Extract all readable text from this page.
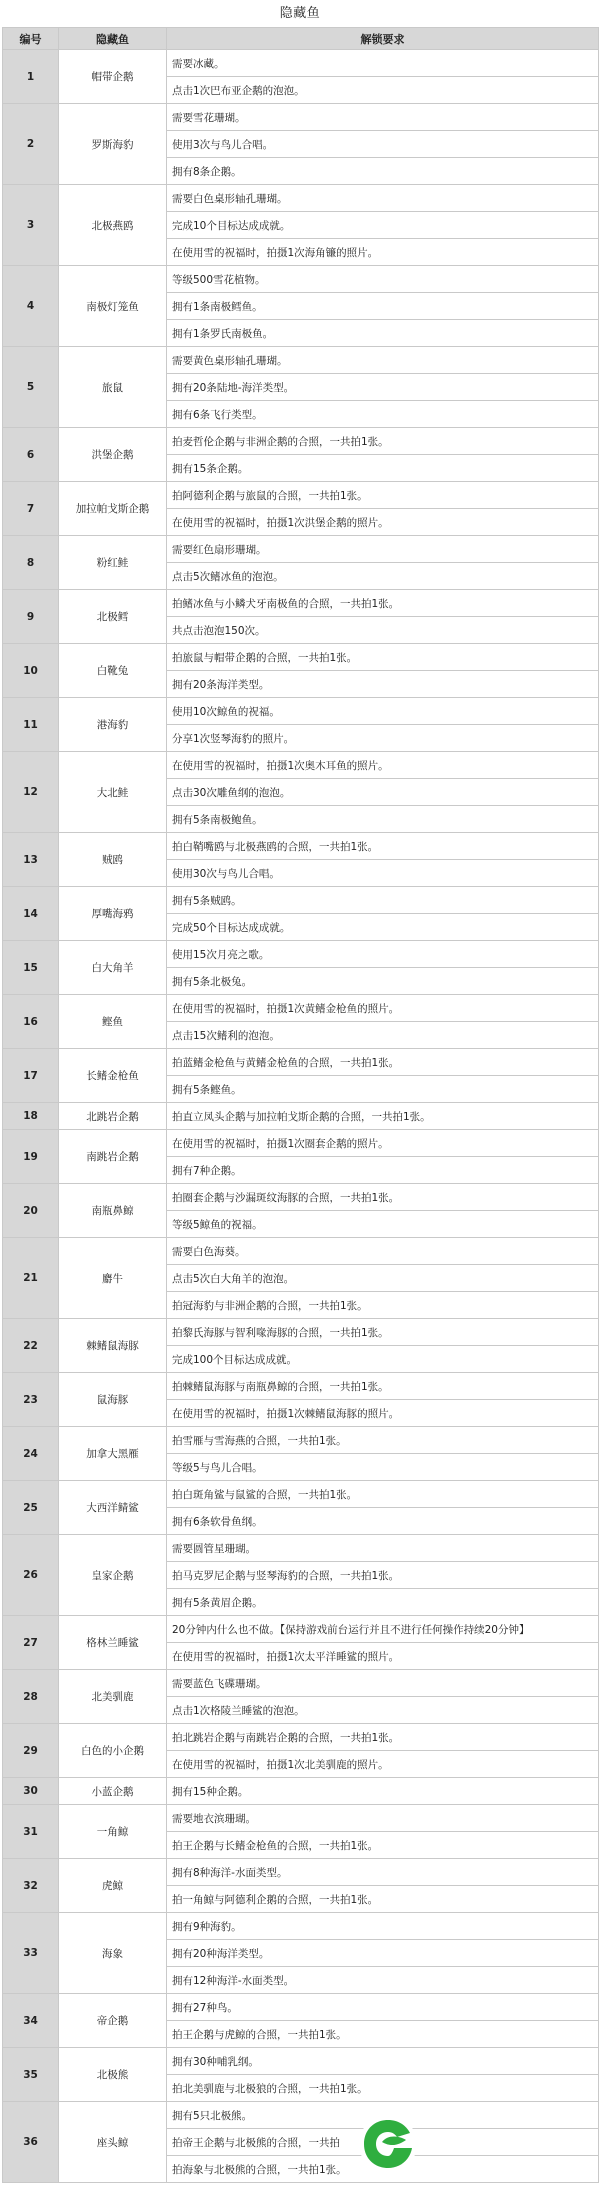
隐藏鱼
编号	隐藏鱼	解锁要求
1	帽带企鹅	需要冰藏。
		点击1次巴布亚企鹅的泡泡。
2	罗斯海豹	需要雪花珊瑚。
		使用3次与鸟儿合唱。
		拥有8条企鹅。
3	北极燕鸥	需要白色桌形轴孔珊瑚。
		完成10个目标达成成就。
		在使用雪的祝福时，拍摄1次海角镰的照片。
4	南极灯笼鱼	等级500雪花植物。
		拥有1条南极鳕鱼。
		拥有1条罗氏南极鱼。
5	旅鼠	需要黄色桌形轴孔珊瑚。
		拥有20条陆地-海洋类型。
		拥有6条飞行类型。
6	洪堡企鹅	拍麦哲伦企鹅与非洲企鹅的合照，一共拍1张。
		拥有15条企鹅。
7	加拉帕戈斯企鹅	拍阿德利企鹅与旅鼠的合照，一共拍1张。
		在使用雪的祝福时，拍摄1次洪堡企鹅的照片。
8	粉红鲑	需要红色扇形珊瑚。
		点击5次鳍冰鱼的泡泡。
9	北极鳕	拍鳍冰鱼与小鳞犬牙南极鱼的合照，一共拍1张。
		共点击泡泡150次。
10	白靴兔	拍旅鼠与帽带企鹅的合照，一共拍1张。
		拥有20条海洋类型。
11	港海豹	使用10次鲸鱼的祝福。
		分享1次竖琴海豹的照片。
12	大北鲑	在使用雪的祝福时，拍摄1次奥木耳鱼的照片。
		点击30次雕鱼纲的泡泡。
		拥有5条南极鲍鱼。
13	贼鸥	拍白鞘嘴鸥与北极燕鸥的合照，一共拍1张。
		使用30次与鸟儿合唱。
14	厚嘴海鸦	拥有5条贼鸥。
		完成50个目标达成成就。
15	白大角羊	使用15次月亮之歌。
		拥有5条北极兔。
16	鲣鱼	在使用雪的祝福时，拍摄1次黄鳍金枪鱼的照片。
		点击15次鳍利的泡泡。
17	长鳍金枪鱼	拍蓝鳍金枪鱼与黄鳍金枪鱼的合照，一共拍1张。
		拥有5条鲣鱼。
18	北跳岩企鹅	拍直立凤头企鹅与加拉帕戈斯企鹅的合照，一共拍1张。
19	南跳岩企鹅	在使用雪的祝福时，拍摄1次圈套企鹅的照片。
		拥有7种企鹅。
20	南瓶鼻鲸	拍圈套企鹅与沙漏斑纹海豚的合照，一共拍1张。
		等级5鲸鱼的祝福。
21	麝牛	需要白色海葵。
		点击5次白大角羊的泡泡。
		拍冠海豹与非洲企鹅的合照，一共拍1张。
22	棘鳍鼠海豚	拍黎氏海豚与智利喙海豚的合照，一共拍1张。
		完成100个目标达成成就。
23	鼠海豚	拍棘鳍鼠海豚与南瓶鼻鲸的合照，一共拍1张。
		在使用雪的祝福时，拍摄1次棘鳍鼠海豚的照片。
24	加拿大黑雁	拍雪雁与雪海燕的合照，一共拍1张。
		等级5与鸟儿合唱。
25	大西洋鲭鲨	拍白斑角鲨与鼠鲨的合照，一共拍1张。
		拥有6条软骨鱼纲。
26	皇家企鹅	需要圆管星珊瑚。
		拍马克罗尼企鹅与竖琴海豹的合照，一共拍1张。
		拥有5条黄眉企鹅。
27	格林兰睡鲨	20分钟内什么也不做。【保持游戏前台运行并且不进行任何操作持续20分钟】
		在使用雪的祝福时，拍摄1次太平洋睡鲨的照片。
28	北美驯鹿	需要蓝色飞碟珊瑚。
		点击1次格陵兰睡鲨的泡泡。
29	白色的小企鹅	拍北跳岩企鹅与南跳岩企鹅的合照，一共拍1张。
		在使用雪的祝福时，拍摄1次北美驯鹿的照片。
30	小蓝企鹅	拥有15种企鹅。
31	一角鲸	需要地衣滨珊瑚。
		拍王企鹅与长鳍金枪鱼的合照，一共拍1张。
32	虎鲸	拥有8种海洋-水面类型。
		拍一角鲸与阿德利企鹅的合照，一共拍1张。
33	海象	拥有9种海豹。
		拥有20种海洋类型。
		拥有12种海洋-水面类型。
34	帝企鹅	拥有27种鸟。
		拍王企鹅与虎鲸的合照，一共拍1张。
35	北极熊	拥有30种哺乳纲。
		拍北美驯鹿与北极狼的合照，一共拍1张。
36	座头鲸	拥有5只北极熊。
		拍帝王企鹅与北极熊的合照，一共拍
		拍海象与北极熊的合照，一共拍1张。
